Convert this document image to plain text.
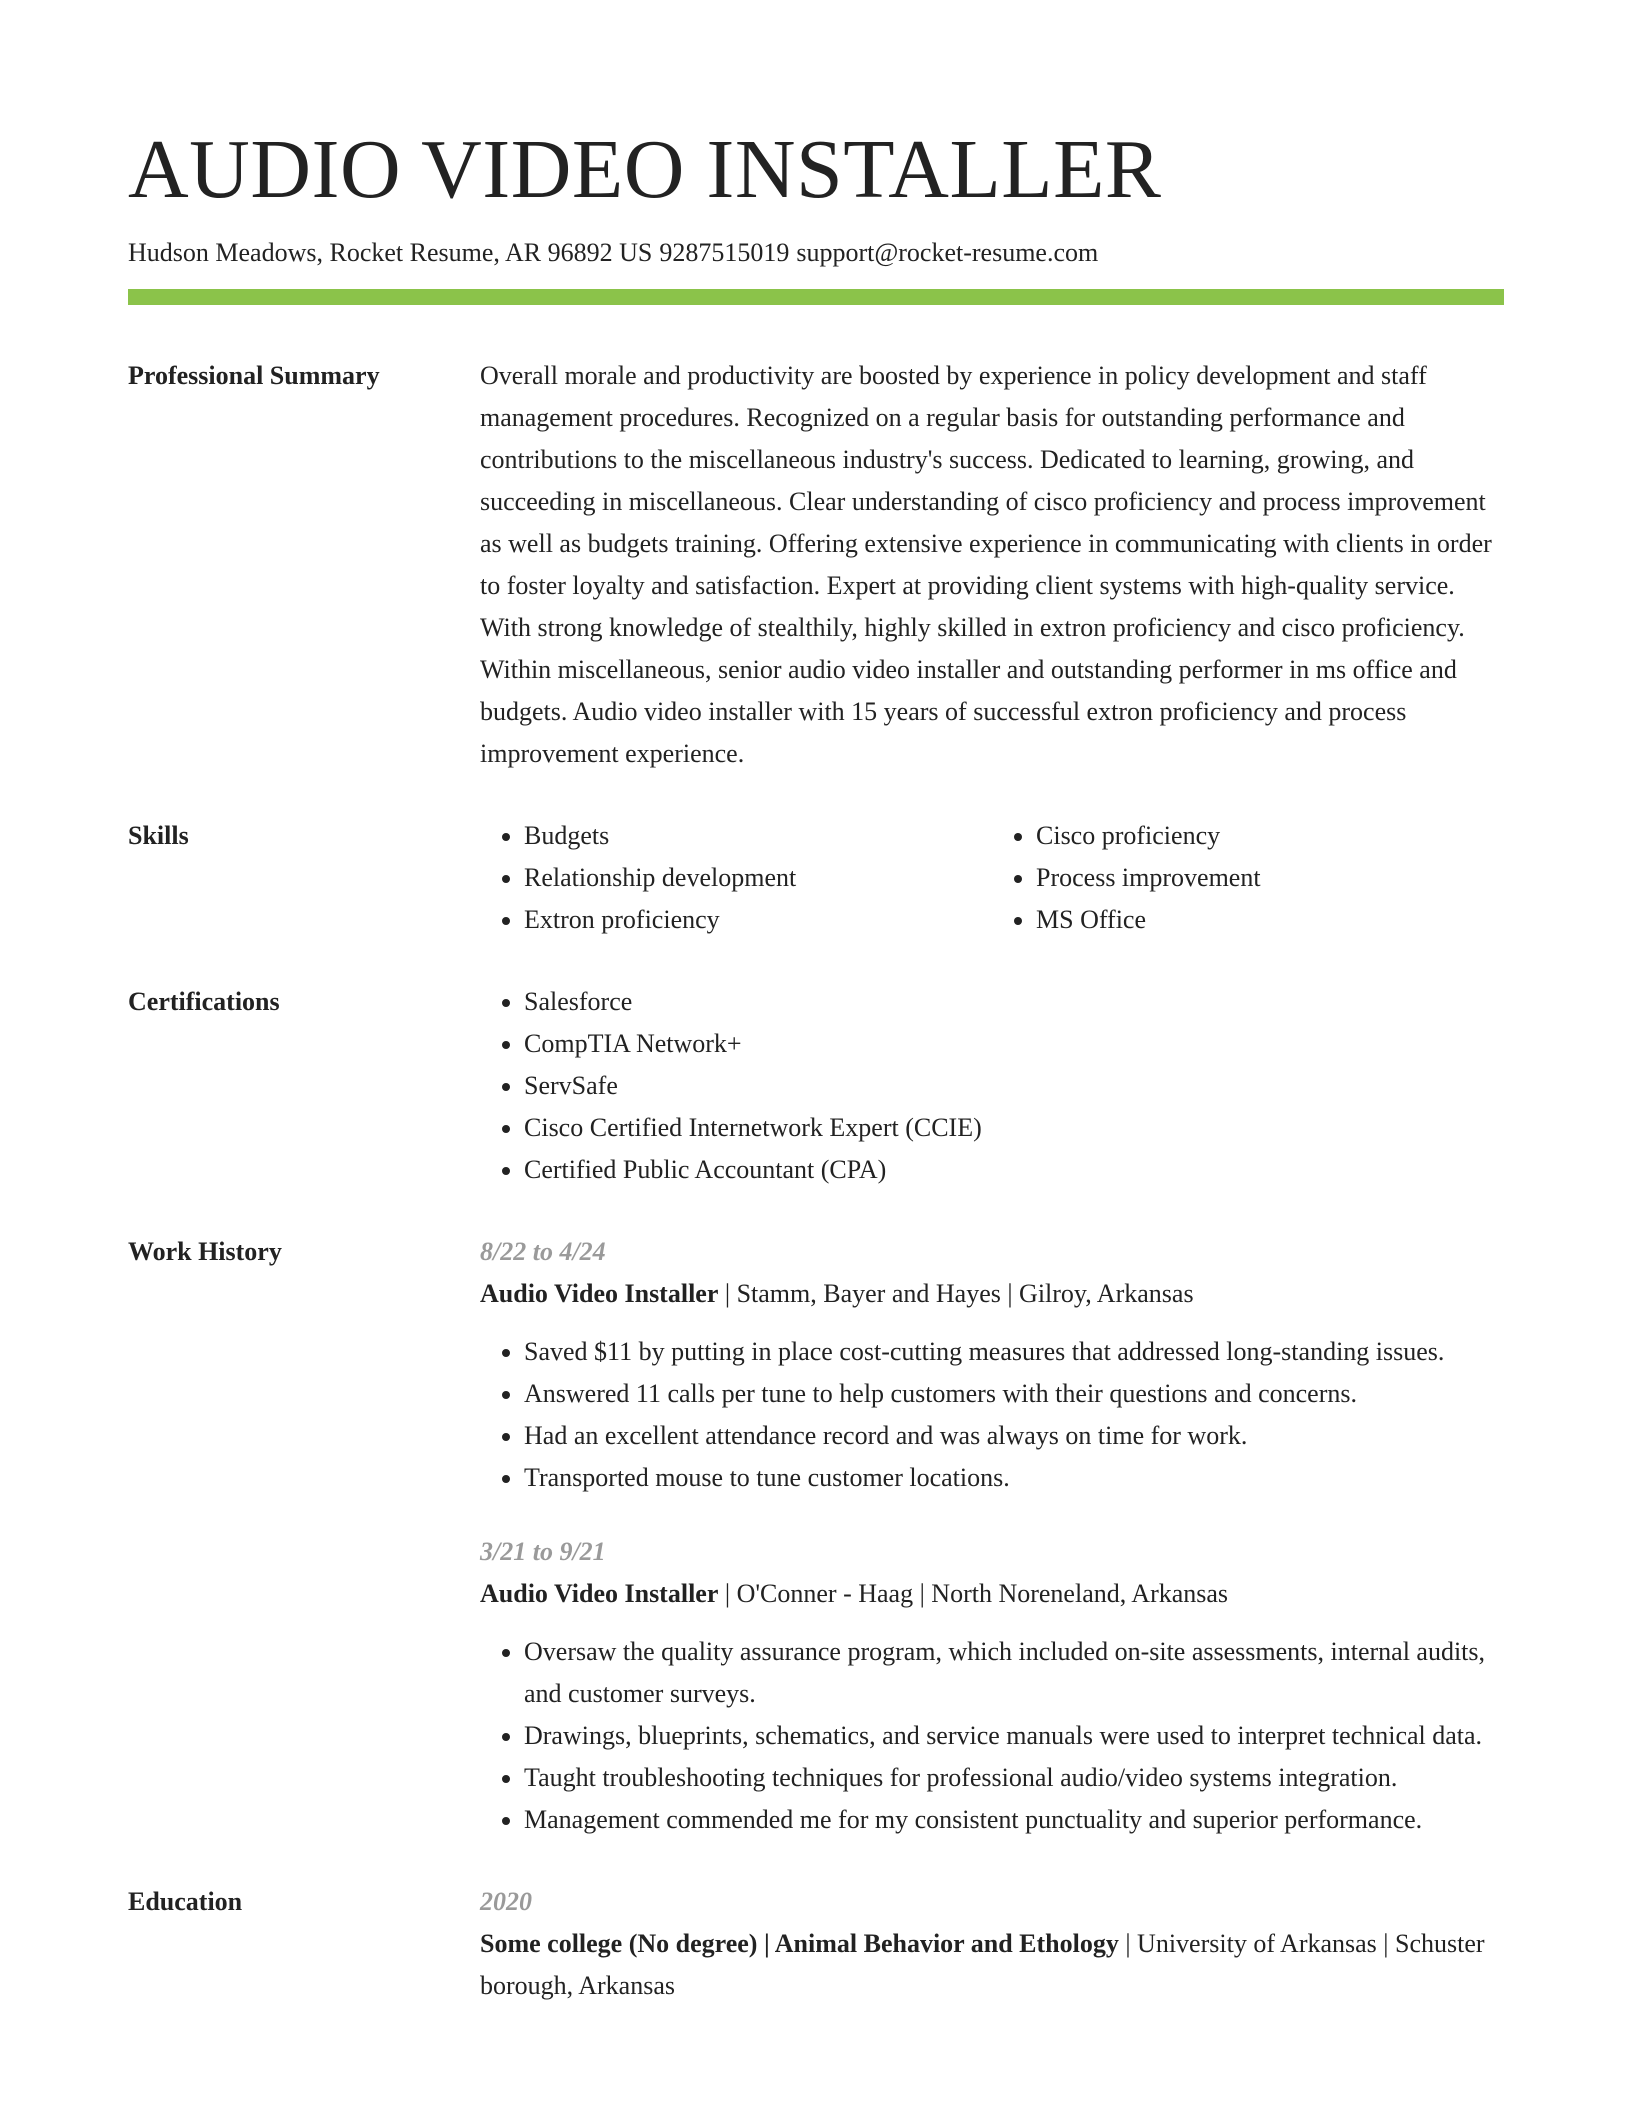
AUDIO VIDEO INSTALLER
Hudson Meadows, Rocket Resume, AR 96892 US 9287515019 support@rocket-resume.com
Professional Summary	Overall morale and productivity are boosted by experience in policy development and staff management procedures. Recognized on a regular basis for outstanding performance and contributions to the miscellaneous industry's success. Dedicated to learning, growing, and succeeding in miscellaneous. Clear understanding of cisco proficiency and process improvement as well as budgets training. Offering extensive experience in communicating with clients in order to foster loyalty and satisfaction. Expert at providing client systems with high-quality service. With strong knowledge of stealthily, highly skilled in extron proficiency and cisco proficiency. Within miscellaneous, senior audio video installer and outstanding performer in ms office and budgets. Audio video installer with 15 years of successful extron proficiency and process improvement experience.

Skills	• Budgets
• Relationship development
• Extron proficiency
• Cisco proficiency
• Process improvement
• MS Office
Certifications	• Salesforce
• CompTIA Network+
• ServSafe
• Cisco Certified Internetwork Expert (CCIE)
• Certified Public Accountant (CPA)
Work History	8/22 to 4/24
Audio Video Installer | Stamm, Bayer and Hayes | Gilroy, Arkansas
• Saved $11 by putting in place cost-cutting measures that addressed long-standing issues.
• Answered 11 calls per tune to help customers with their questions and concerns.
• Had an excellent attendance record and was always on time for work.
• Transported mouse to tune customer locations.
3/21 to 9/21
Audio Video Installer | O'Conner - Haag | North Noreneland, Arkansas
• Oversaw the quality assurance program, which included on-site assessments, internal audits, and customer surveys.
• Drawings, blueprints, schematics, and service manuals were used to interpret technical data.
• Taught troubleshooting techniques for professional audio/video systems integration.
• Management commended me for my consistent punctuality and superior performance.
Education	2020
Some college (No degree) | Animal Behavior and Ethology | University of Arkansas | Schuster borough, Arkansas
